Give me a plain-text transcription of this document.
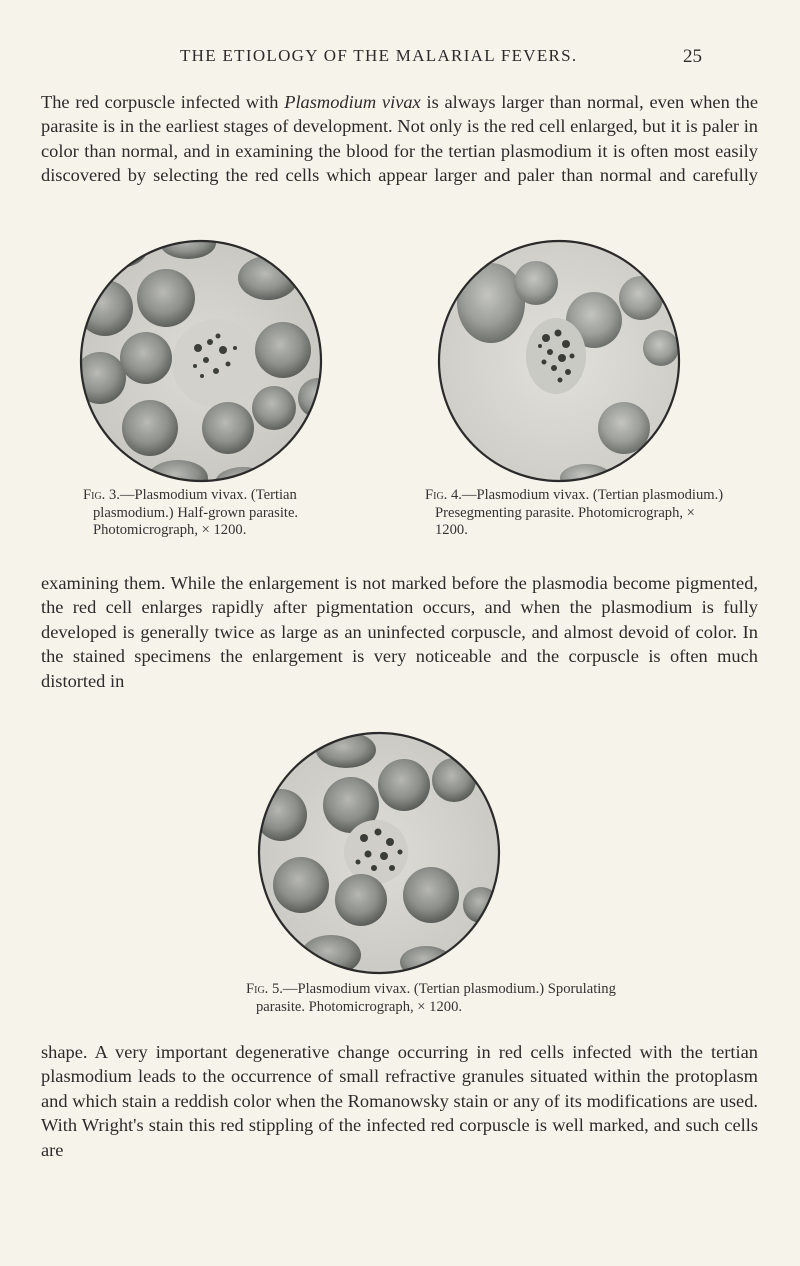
THE ETIOLOGY OF THE MALARIAL FEVERS.	25

The red corpuscle infected with Plasmodium vivax is always larger than normal, even when the parasite is in the earliest stages of development. Not only is the red cell enlarged, but it is paler in color than normal, and in examining the blood for the tertian plasmodium it is often most easily discovered by selecting the red cells which appear larger and paler than normal and carefully

Fig. 3.—Plasmodium vivax. (Tertian plasmodium.) Half-grown parasite. Photomicrograph, × 1200.

Fig. 4.—Plasmodium vivax. (Tertian plasmodium.) Presegmenting parasite. Photomicrograph, × 1200.

examining them. While the enlargement is not marked before the plasmodia become pigmented, the red cell enlarges rapidly after pigmentation occurs, and when the plasmodium is fully developed is generally twice as large as an uninfected corpuscle, and almost devoid of color. In the stained specimens the enlargement is very noticeable and the corpuscle is often much distorted in

Fig. 5.—Plasmodium vivax. (Tertian plasmodium.) Sporulating parasite. Photomicrograph, × 1200.

shape. A very important degenerative change occurring in red cells infected with the tertian plasmodium leads to the occurrence of small refractive granules situated within the protoplasm and which stain a reddish color when the Romanowsky stain or any of its modifications are used. With Wright's stain this red stippling of the infected red corpuscle is well marked, and such cells are
